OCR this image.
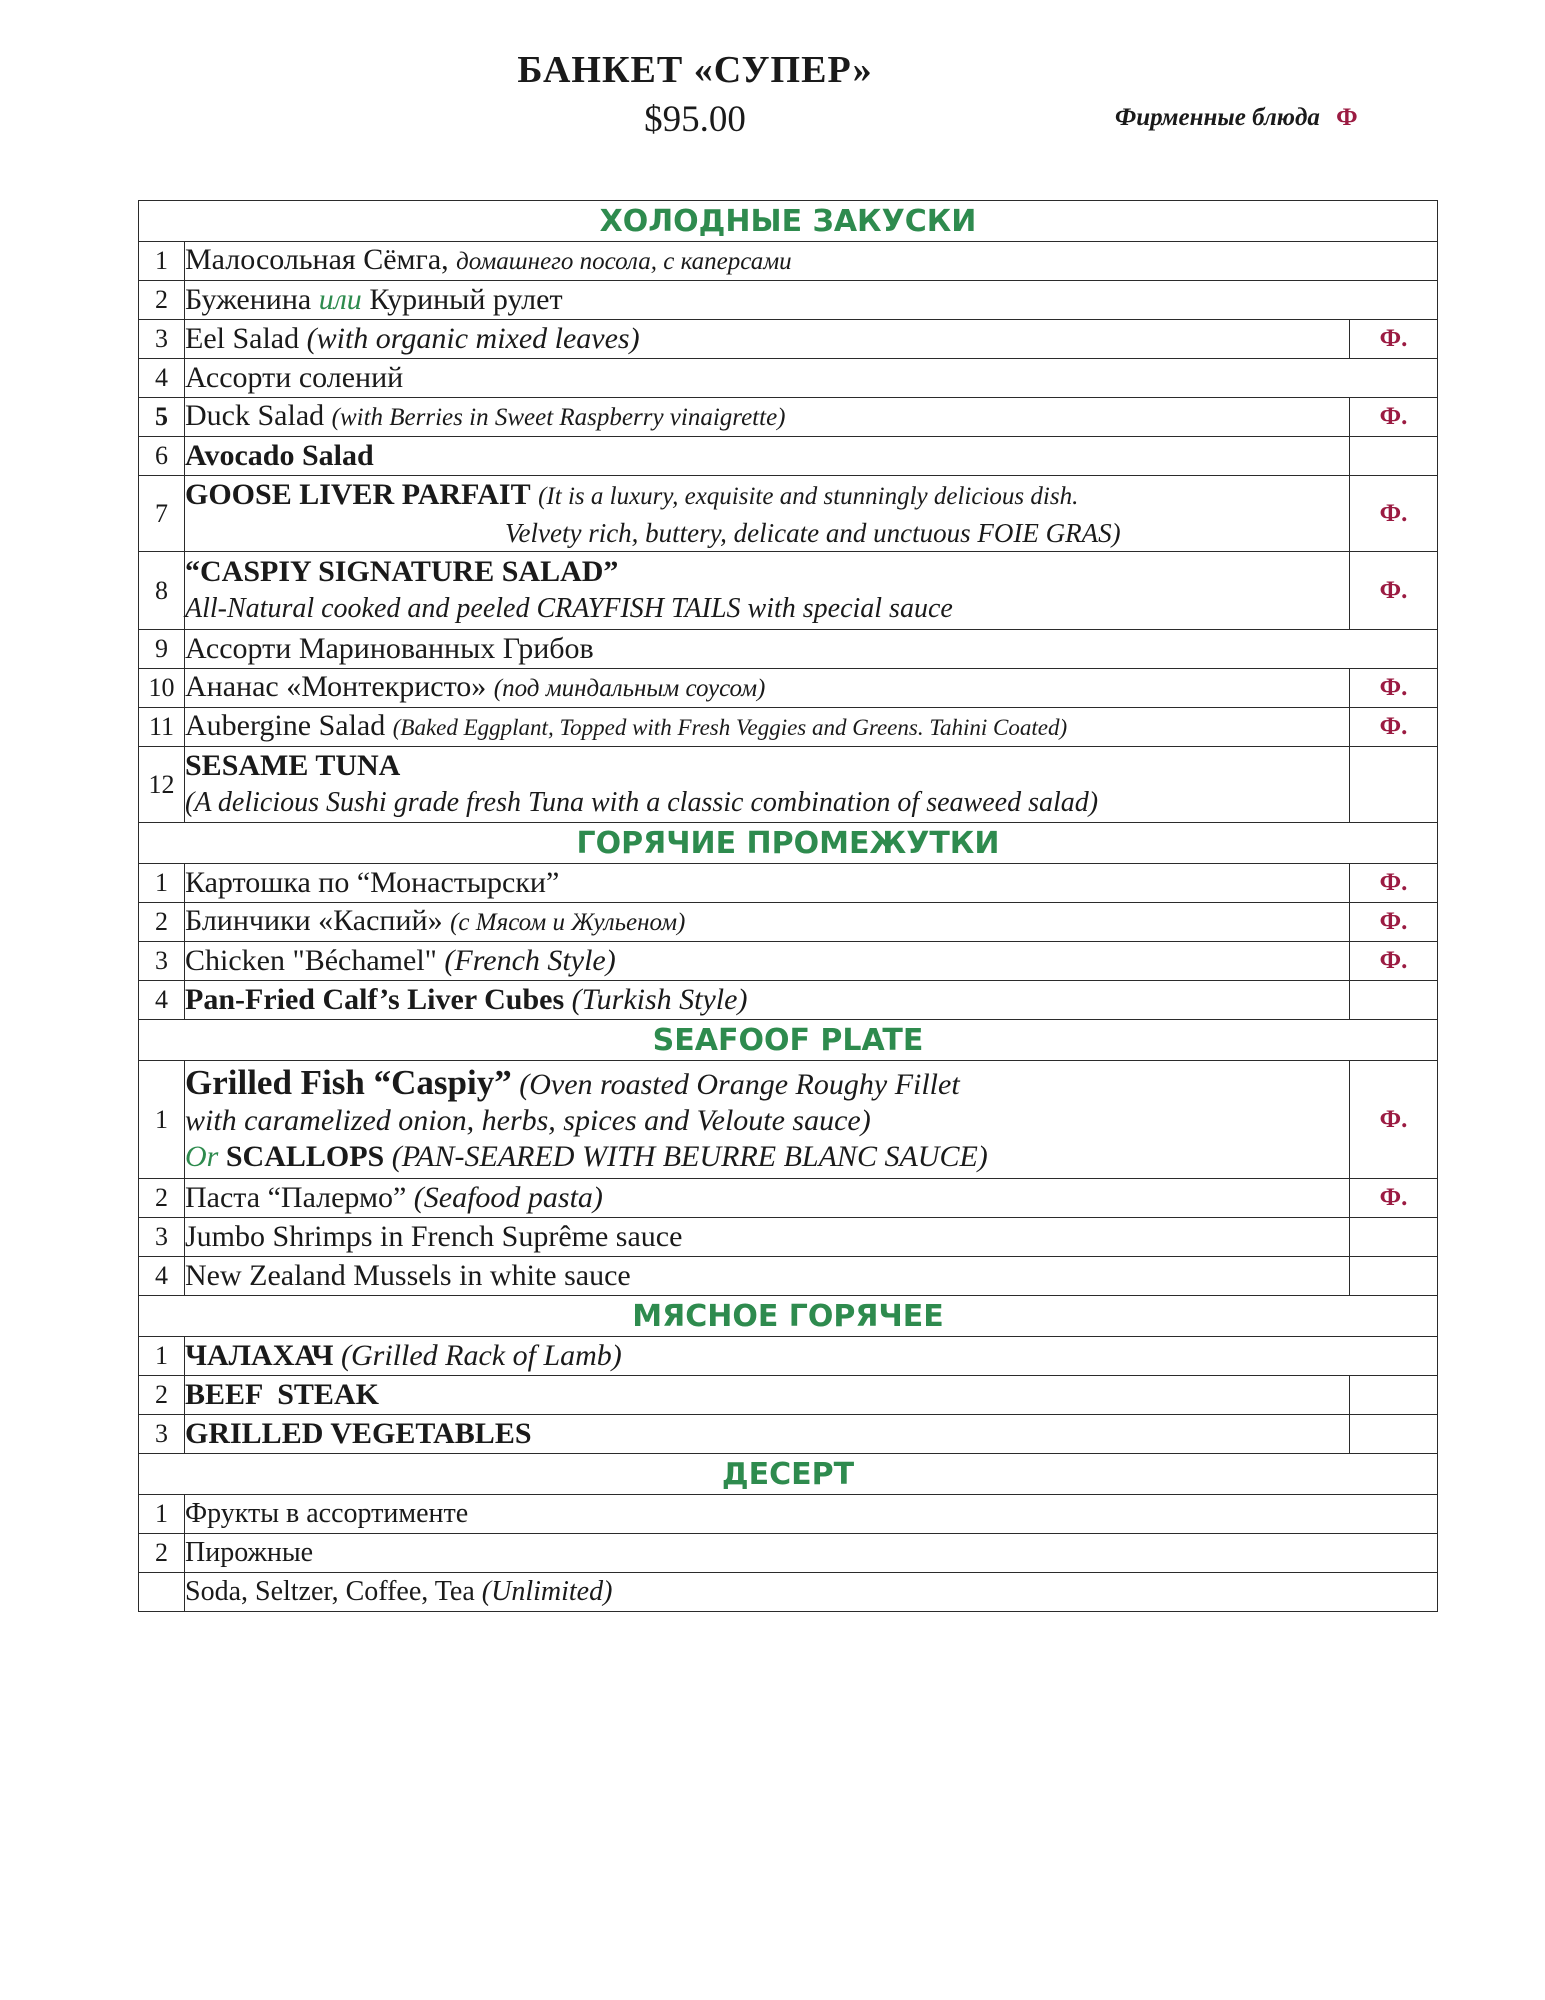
БАНКЕТ «СУПЕР»
$95.00	Фирменные блюда Ф
ХОЛОДНЫЕ ЗАКУСКИ		
1	Малосольная Сёмга, домашнего посола, с каперсами	
2	Буженина или Куриный рулет	
3	Eel Salad (with organic mixed leaves)	Ф.
4	Ассорти солений	
5	Duck Salad (with Berries in Sweet Raspberry vinaigrette)	Ф.
6	Avocado Salad	
7	GOOSE LIVER PARFAIT (It is a luxury, exquisite and stunningly delicious dish.
Velvety rich, buttery, delicate and unctuous FOIE GRAS)	Ф.
8	“CASPIY SIGNATURE SALAD”
All-Natural cooked and peeled CRAYFISH TAILS with special sauce	Ф.
9	Ассорти Маринованных Грибов	
10	Ананас «Монтекристо» (под миндальным соусом)	Ф.
11	Aubergine Salad (Baked Eggplant, Topped with Fresh Veggies and Greens. Tahini Coated)	Ф.
12	SESAME TUNA
(A delicious Sushi grade fresh Tuna with a classic combination of seaweed salad)	
ГОРЯЧИЕ ПРОМЕЖУТКИ		
1	Картошка по “Монастырски”	Ф.
2	Блинчики «Каспий» (с Мясом и Жульеном)	Ф.
3	Chicken "Béchamel" (French Style)	Ф.
4	Pan-Fried Calf’s Liver Cubes (Turkish Style)	
SEAFOOF PLATE		
1	Grilled Fish “Caspiy” (Oven roasted Orange Roughy Fillet
with caramelized onion, herbs, spices and Veloute sauce)
Or SCALLOPS (PAN-SEARED WITH BEURRE BLANC SAUCE)	Ф.
2	Паста “Палермо” (Seafood pasta)	Ф.
3	Jumbo Shrimps in French Suprême sauce	
4	New Zealand Mussels in white sauce	
МЯСНОЕ ГОРЯЧЕЕ		
1	ЧАЛАХАЧ (Grilled Rack of Lamb)	
2	BEEF  STEAK	
3	GRILLED VEGETABLES	
ДЕСЕРТ		
1	Фрукты в ассортименте	
2	Пирожные	
	Soda, Seltzer, Coffee, Tea (Unlimited)	
